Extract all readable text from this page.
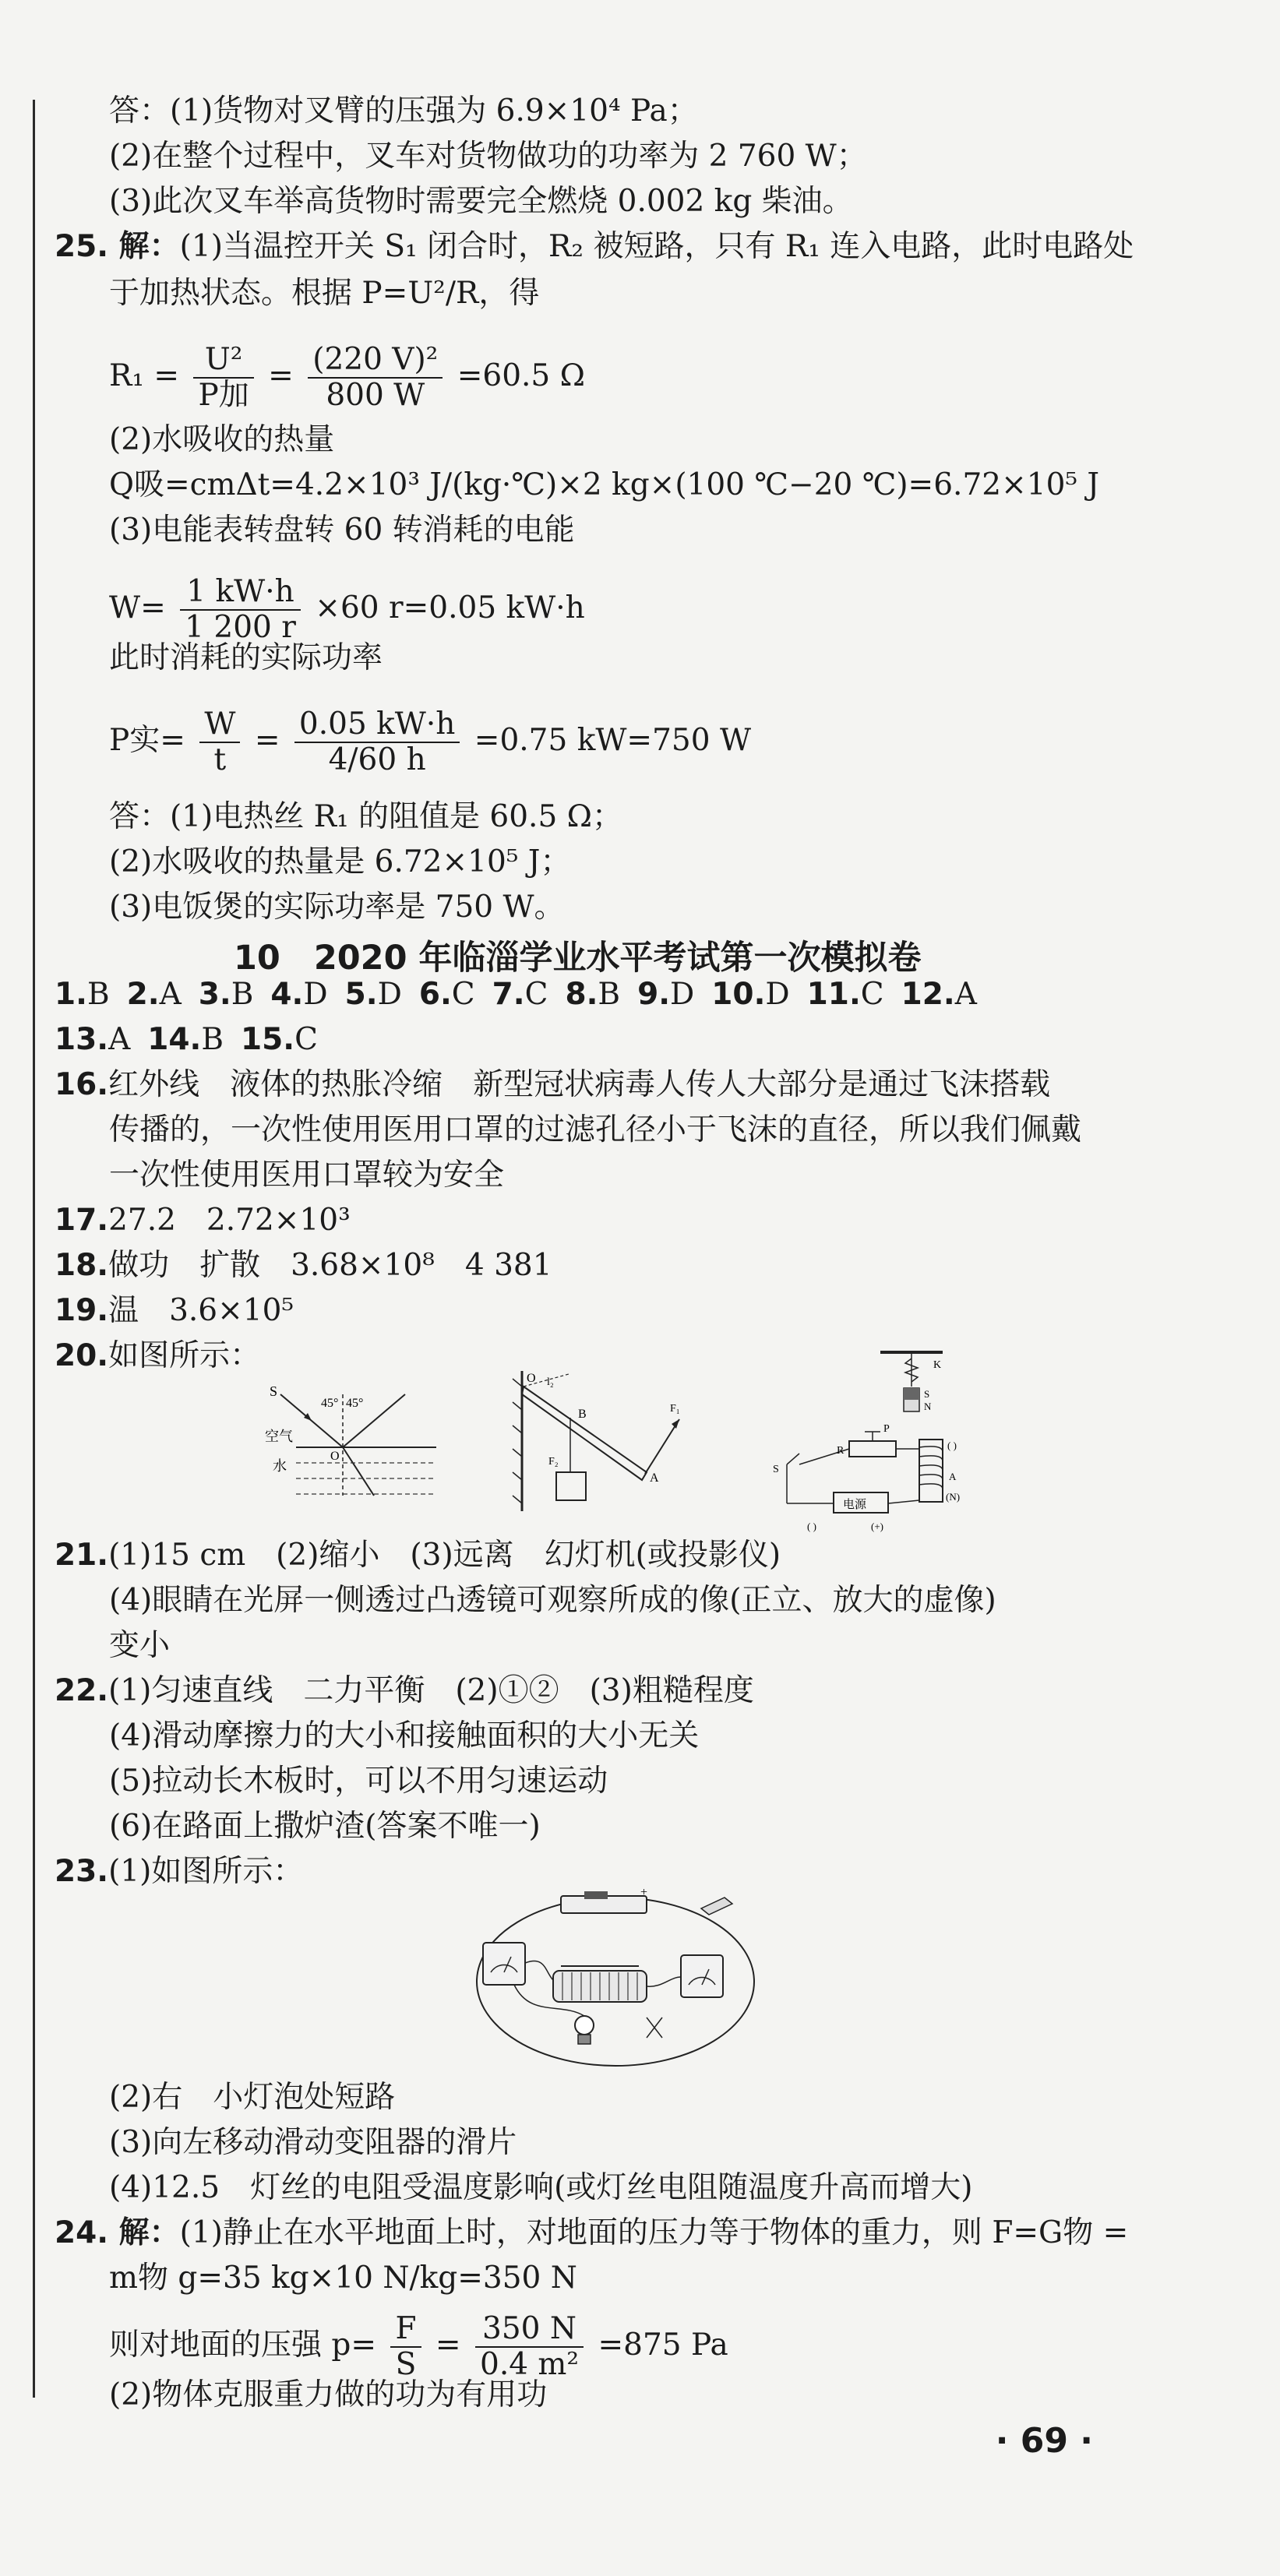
答：(1)货物对叉臂的压强为 6.9×10⁴ Pa；
(2)在整个过程中，叉车对货物做功的功率为 2 760 W；
(3)此次叉车举高货物时需要完全燃烧 0.002 kg 柴油。
25. 解：(1)当温控开关 S₁ 闭合时，R₂ 被短路，只有 R₁ 连入电路，此时电路处
于加热状态。根据 P=U²/R，得
$R_1 = \frac{\text{U²}}{\text{P加}} = \frac{\text{(220 V)²}}{800 W} =60.5$ Ω
(2)水吸收的热量
Q吸=cmΔt=4.2×10³ J/(kg·℃)×2 kg×(100 ℃−20 ℃)=6.72×10⁵ J
(3)电能表转盘转 60 转消耗的电能
$W= \frac{1 kW\cdot h}{1 200 r} \times 60$ r=0.05 kW·h
此时消耗的实际功率
P实= $\frac{W}{t} = \frac{0.05 kW\cdot h}{4/60 h} =0.75$ kW=750 W
答：(1)电热丝 R₁ 的阻值是 60.5 Ω；
(2)水吸收的热量是 6.72×10⁵ J；
(3)电饭煲的实际功率是 750 W。
10　2020 年临淄学业水平考试第一次模拟卷
1.B 2.A 3.B 4.D 5.D 6.C 7.C 8.B 9.D 10.D 11.C 12.A
13.A 14.B 15.C
16.红外线　液体的热胀冷缩　新型冠状病毒人传人大部分是通过飞沫搭载
传播的，一次性使用医用口罩的过滤孔径小于飞沫的直径，所以我们佩戴
一次性使用医用口罩较为安全
17.27.2　2.72×10³
18.做功　扩散　3.68×10⁸　4 381
19.温　3.6×10⁵
20.如图所示：
S
45° 45°
空气
水
O
O l₂
B	F₁
F₂
A
K
S
N
P
R
S
电源
( )
A
(N)
( )	(+)
21.(1)15 cm　(2)缩小　(3)远离　幻灯机(或投影仪)
(4)眼睛在光屏一侧透过凸透镜可观察所成的像(正立、放大的虚像)
变小
22.(1)匀速直线　二力平衡　(2)①②　(3)粗糙程度
(4)滑动摩擦力的大小和接触面积的大小无关
(5)拉动长木板时，可以不用匀速运动
(6)在路面上撒炉渣(答案不唯一)
23.(1)如图所示：
+
(2)右　小灯泡处短路
(3)向左移动滑动变阻器的滑片
(4)12.5　灯丝的电阻受温度影响(或灯丝电阻随温度升高而增大)
24. 解：(1)静止在水平地面上时，对地面的压力等于物体的重力，则 F=G物 =
m物 g=35 kg×10 N/kg=350 N
则对地面的压强 $p= \frac{F}{S} = \frac{350 N}{\text{0.4 m²}} =875$ Pa
(2)物体克服重力做的功为有用功
· 69 ·
